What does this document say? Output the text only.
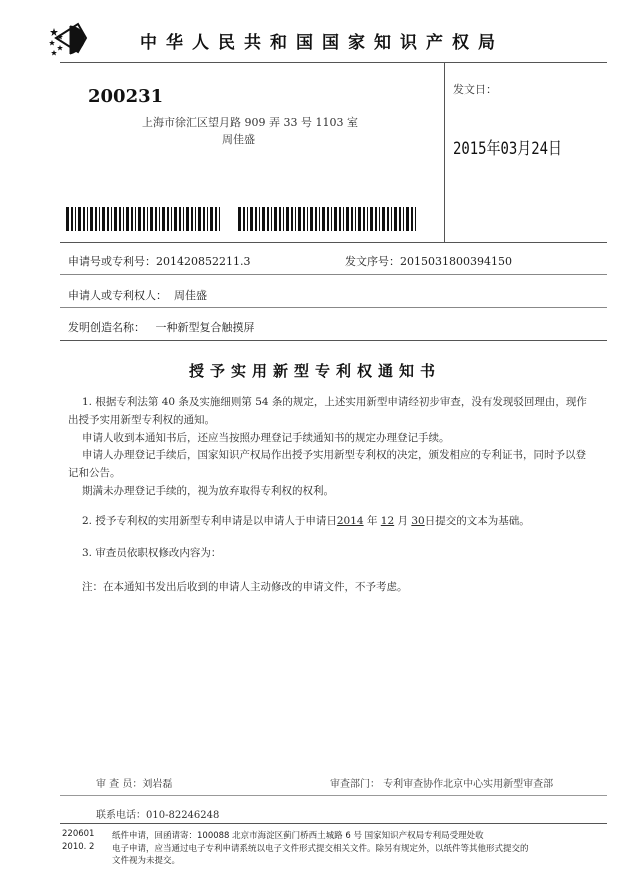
中华人民共和国国家知识产权局
200231
上海市徐汇区望月路 909 弄 33 号 1103 室
周佳盛
发文日：
2015年03月24日
申请号或专利号：201420852211.3	发文序号：2015031800394150
申请人或专利权人： 周佳盛
发明创造名称： 一种新型复合触摸屏
授予实用新型专利权通知书
1. 根据专利法第 40 条及实施细则第 54 条的规定，上述实用新型申请经初步审查，没有发现驳回理由，现作出授予实用新型专利权的通知。
申请人收到本通知书后，还应当按照办理登记手续通知书的规定办理登记手续。
申请人办理登记手续后，国家知识产权局作出授予实用新型专利权的决定，颁发相应的专利证书，同时予以登记和公告。
期满未办理登记手续的，视为放弃取得专利权的权利。
2. 授予专利权的实用新型专利申请是以申请人于申请日2014 年 12 月 30日提交的文本为基础。
3. 审查员依职权修改内容为：
注：在本通知书发出后收到的申请人主动修改的申请文件，不予考虑。
审 查 员：刘岩磊	审查部门： 专利审查协作北京中心实用新型审查部
联系电话：010-82246248
220601
2010. 2
纸件申请，回函请寄：100088 北京市海淀区蓟门桥西土城路 6 号 国家知识产权局专利局受理处收
电子申请，应当通过电子专利申请系统以电子文件形式提交相关文件。除另有规定外，以纸件等其他形式提交的
文件视为未提交。
